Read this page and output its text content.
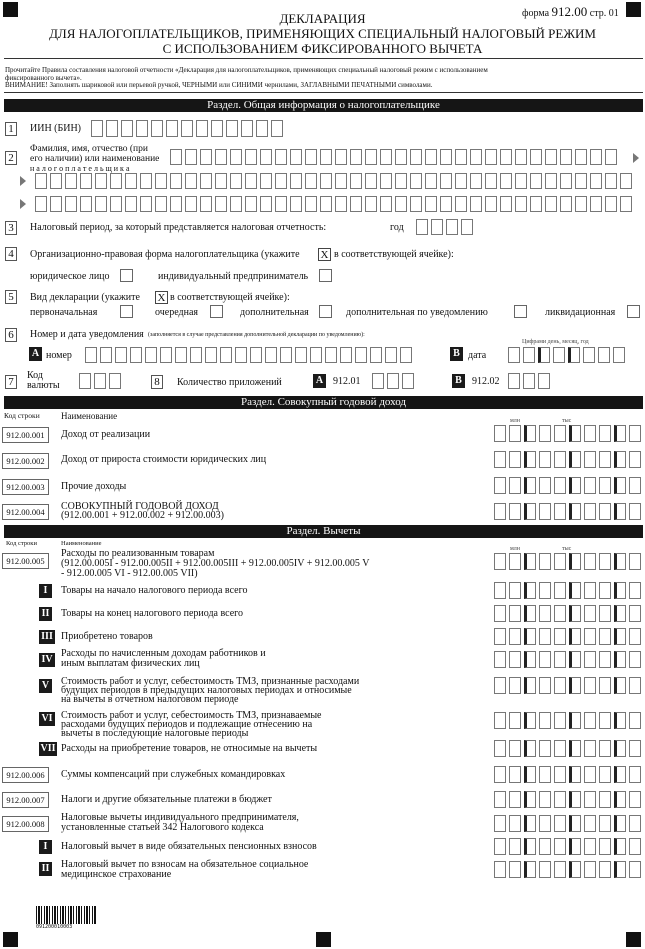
форма 912.00 стр. 01
ДЕКЛАРАЦИЯ
ДЛЯ НАЛОГОПЛАТЕЛЬЩИКОВ, ПРИМЕНЯЮЩИХ СПЕЦИАЛЬНЫЙ НАЛОГОВЫЙ РЕЖИМ
С ИСПОЛЬЗОВАНИЕМ ФИКСИРОВАННОГО ВЫЧЕТА
Прочитайте Правила составления налоговой отчетности «Декларация для налогоплательщиков, применяющих специальный налоговый режим с использованием
фиксированного вычета».
ВНИМАНИЕ! Заполнять шариковой или перьевой ручкой, ЧЕРНЫМИ или СИНИМИ чернилами, ЗАГЛАВНЫМИ ПЕЧАТНЫМИ символами.
Раздел. Общая информация о налогоплательщике
1	ИИН (БИН)
2
Фамилия, имя, отчество (при
его наличии) или наименование
н а л о г о п л а т е л ь щ и к а
3	Налоговый период, за который представляется налоговая отчетность:	год
4	Организационно-правовая форма налогоплательщика (укажите X в соответствующей ячейке):
юридическое лицо	индивидуальный предприниматель
5	Вид декларации (укажите X в соответствующей ячейке):
первоначальная	очередная	дополнительная	дополнительная по уведомлению	ликвидационная
6	Номер и дата уведомления (заполняется в случае представления дополнительной декларации по уведомлению):
Цифрами день, месяц, год
A номер	B дата
7
Код
валюты	8	Количество приложений	A 912.01	B	912.02
Раздел. Совокупный годовой доход
Код строки Наименование	млн	тыс
912.00.001	Доход от реализации
912.00.002	Доход от прироста стоимости юридических лиц
912.00.003	Прочие доходы
912.00.004	СОВОКУПНЫЙ ГОДОВОЙ ДОХОД
(912.00.001 + 912.00.002 + 912.00.003)
Раздел. Вычеты
Код строки	Наименование
млн	тыс
912.00.005
Расходы по реализованным товарам
(912.00.005I - 912.00.005II + 912.00.005III + 912.00.005IV + 912.00.005 V
- 912.00.005 VI - 912.00.005 VII)
I	Товары на начало налогового периода всего
II Товары на конец налогового периода всего
III Приобретено товаров
IV
Расходы по начисленным доходам работников и
иным выплатам физических лиц
V Стоимость работ и услуг, себестоимость ТМЗ, признанные расходами
будущих периодов в предыдущих налоговых периодах и относимые
на вычеты в отчетном налоговом периоде
VI Стоимость работ и услуг, себестоимость ТМЗ, признаваемые
расходами будущих периодов и подлежащие отнесению на
вычеты в последующие налоговые периоды
VII Расходы на приобретение товаров, не относимые на вычеты
912.00.006	Суммы компенсаций при служебных командировках
912.00.007	Налоги и другие обязательные платежи в бюджет
912.00.008
Налоговые вычеты индивидуального предпринимателя,
установленные статьей 342 Налогового кодекса
I	Налоговый вычет в виде обязательных пенсионных взносов
II Налоговый вычет по взносам на обязательное социальное
медицинское страхование
091200010003
